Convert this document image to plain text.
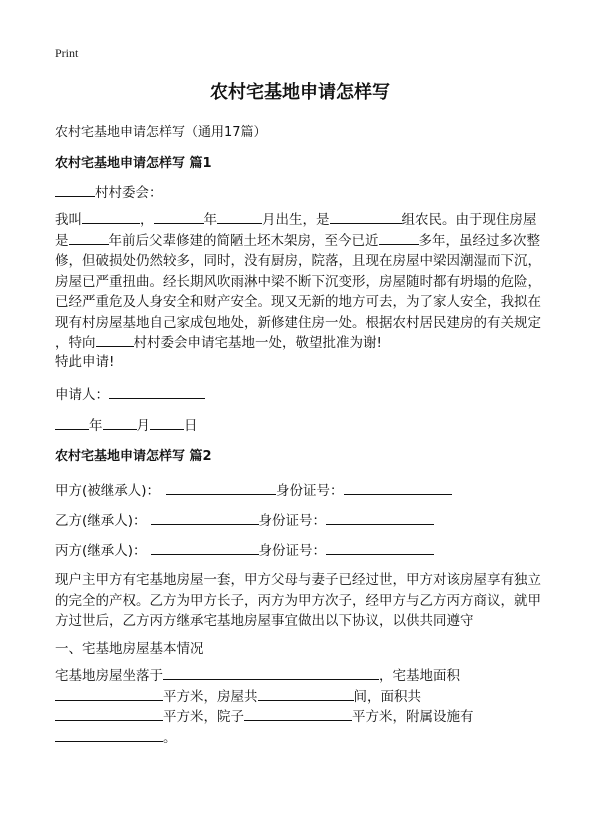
Print
农村宅基地申请怎样写
农村宅基地申请怎样写（通用17篇）
农村宅基地申请怎样写 篇1
村村委会：
我叫	，	年	月出生，是	组农民。由于现住房屋
是	年前后父辈修建的简陋土坯木架房，至今已近	多年，虽经过多次整
修，但破损处仍然较多，同时，没有厨房，院落，且现在房屋中梁因潮湿而下沉，
房屋已严重扭曲。经长期风吹雨淋中梁不断下沉变形，房屋随时都有坍塌的危险，
已经严重危及人身安全和财产安全。现又无新的地方可去，为了家人安全，我拟在
现有村房屋基地自己家成包地处，新修建住房一处。根据农村居民建房的有关规定
，特向	村村委会申请宅基地一处，敬望批准为谢!
特此申请!
申请人：
年	月	日
农村宅基地申请怎样写 篇2
甲方(被继承人)：	身份证号：
乙方(继承人)：	身份证号：
丙方(继承人)：	身份证号：
现户主甲方有宅基地房屋一套，甲方父母与妻子已经过世，甲方对该房屋享有独立
的完全的产权。乙方为甲方长子，丙方为甲方次子，经甲方与乙方丙方商议，就甲
方过世后，乙方丙方继承宅基地房屋事宜做出以下协议，以供共同遵守
一、宅基地房屋基本情况
宅基地房屋坐落于	，宅基地面积
平方米，房屋共	间，面积共
平方米，院子	平方米，附属设施有
。
